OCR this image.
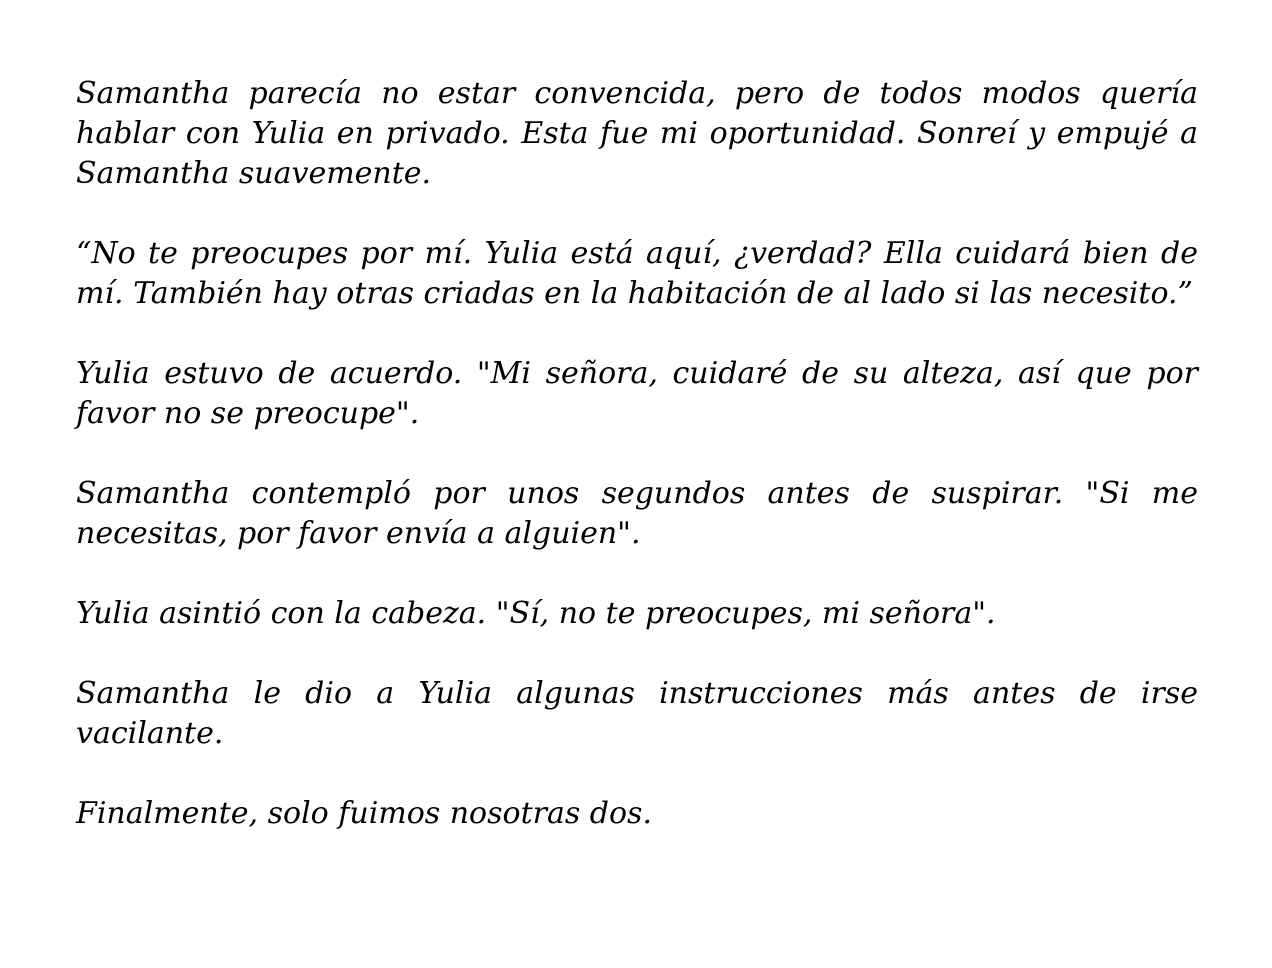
Samantha parecía no estar convencida, pero de todos modos quería hablar con Yulia en privado. Esta fue mi oportunidad. Sonreí y empujé a Samantha suavemente.

“No te preocupes por mí. Yulia está aquí, ¿verdad? Ella cuidará bien de mí. También hay otras criadas en la habitación de al lado si las necesito.”

Yulia estuvo de acuerdo. "Mi señora, cuidaré de su alteza, así que por favor no se preocupe".

Samantha contempló por unos segundos antes de suspirar. "Si me necesitas, por favor envía a alguien".

Yulia asintió con la cabeza. "Sí, no te preocupes, mi señora".

Samantha le dio a Yulia algunas instrucciones más antes de irse vacilante.

Finalmente, solo fuimos nosotras dos.
